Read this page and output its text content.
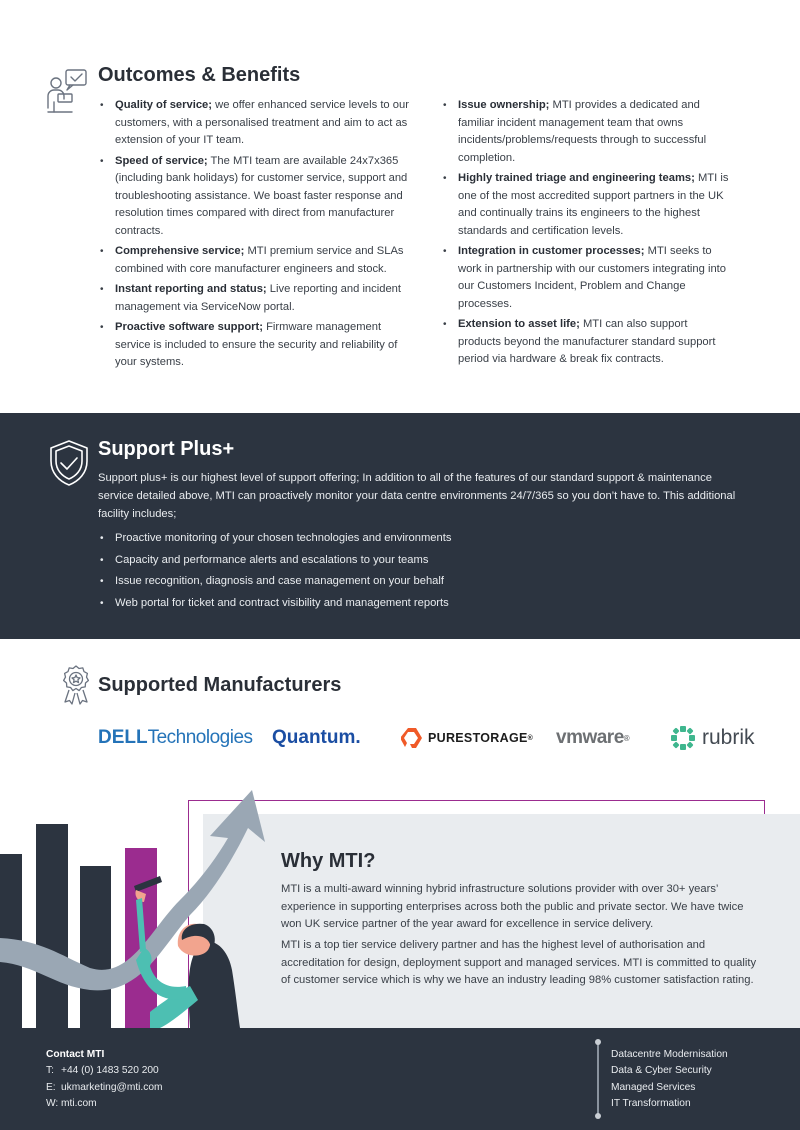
Outcomes & Benefits
• Quality of service; we offer enhanced service levels to our customers, with a personalised treatment and aim to act as extension of your IT team.
• Speed of service; The MTI team are available 24x7x365 (including bank holidays) for customer service, support and troubleshooting assistance. We boast faster response and resolution times compared with direct from manufacturer contracts.
• Comprehensive service; MTI premium service and SLAs combined with core manufacturer engineers and stock.
• Instant reporting and status; Live reporting and incident management via ServiceNow portal.
• Proactive software support; Firmware management service is included to ensure the security and reliability of your systems.
• Issue ownership; MTI provides a dedicated and familiar incident management team that owns incidents/problems/requests through to successful completion.
• Highly trained triage and engineering teams; MTI is one of the most accredited support partners in the UK and continually trains its engineers to the highest standards and certification levels.
• Integration in customer processes; MTI seeks to work in partnership with our customers integrating into our Customers Incident, Problem and Change processes.
• Extension to asset life; MTI can also support products beyond the manufacturer standard support period via hardware & break fix contracts.
Support Plus+

Support plus+ is our highest level of support offering; In addition to all of the features of our standard support & maintenance service detailed above, MTI can proactively monitor your data centre environments 24/7/365 so you don’t have to. This additional facility includes;

• Proactive monitoring of your chosen technologies and environments
• Capacity and performance alerts and escalations to your teams
• Issue recognition, diagnosis and case management on your behalf
• Web portal for ticket and contract visibility and management reports
Supported Manufacturers
DELL Technologies Quantum.	PURESTORAGE ® vmware ®	rubrik
Why MTI?

MTI is a multi-award winning hybrid infrastructure solutions provider with over 30+ years’ experience in supporting enterprises across both the public and private sector. We have twice won UK service partner of the year award for excellence in service delivery.

MTI is a top tier service delivery partner and has the highest level of authorisation and accreditation for design, deployment support and managed services. MTI is committed to quality of customer service which is why we have an industry leading 98% customer satisfaction rating.

Contact MTI
T: +44 (0) 1483 520 200
E: ukmarketing@mti.com
W: mti.com
Datacentre Modernisation
Data & Cyber Security
Managed Services
IT Transformation
